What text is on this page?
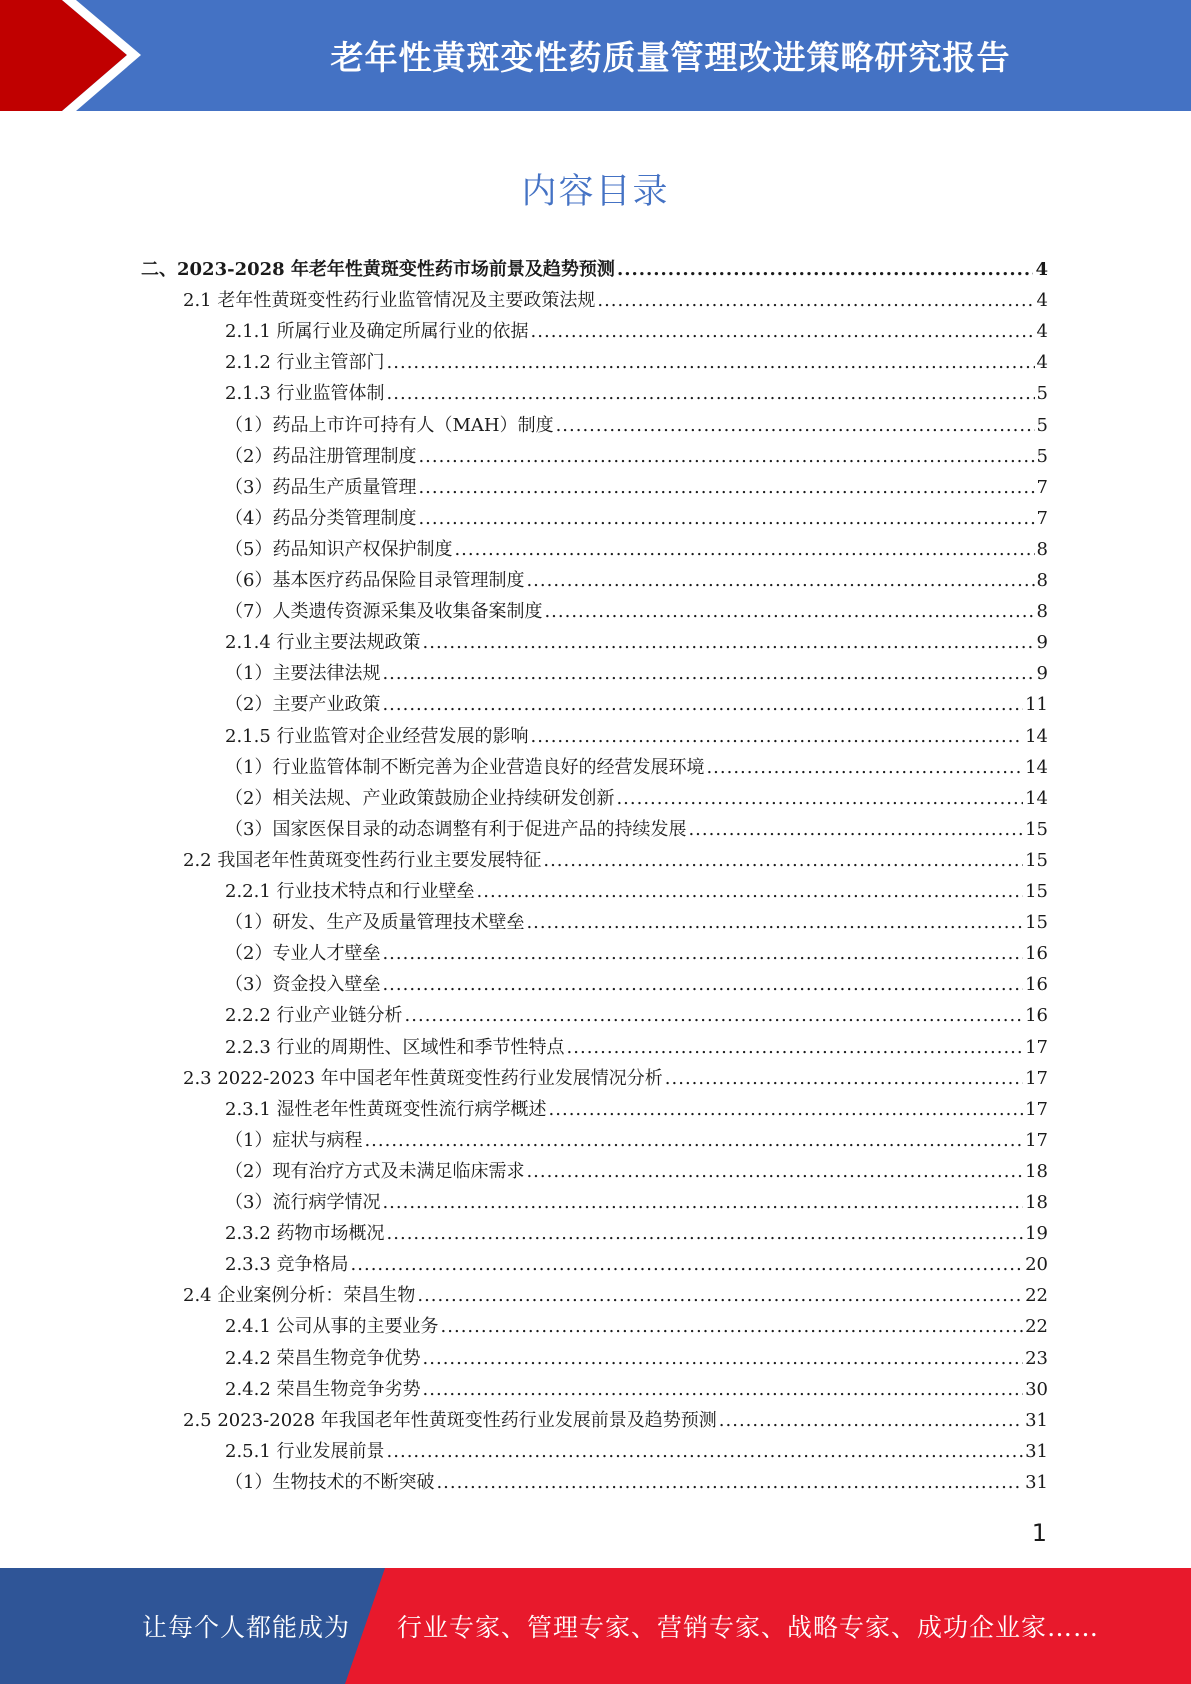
老年性黄斑变性药质量管理改进策略研究报告
内容目录
二、2023-2028 年老年性黄斑变性药市场前景及趋势预测 .....	4
2.1 老年性黄斑变性药行业监管情况及主要政策法规 .....	4
2.1.1 所属行业及确定所属行业的依据 .....	4
2.1.2 行业主管部门 .....	4
2.1.3 行业监管体制 .....	5
（1）药品上市许可持有人（MAH）制度 .....	5
（2）药品注册管理制度 .....	5
（3）药品生产质量管理 .....	7
（4）药品分类管理制度 .....	7
（5）药品知识产权保护制度 .....	8
（6）基本医疗药品保险目录管理制度 .....	8
（7）人类遗传资源采集及收集备案制度 .....	8
2.1.4 行业主要法规政策 .....	9
（1）主要法律法规 .....	9
（2）主要产业政策 .....	11
2.1.5 行业监管对企业经营发展的影响 .....	14
（1）行业监管体制不断完善为企业营造良好的经营发展环境 .....	14
（2）相关法规、产业政策鼓励企业持续研发创新 .....	14
（3）国家医保目录的动态调整有利于促进产品的持续发展 .....	15
2.2 我国老年性黄斑变性药行业主要发展特征 .....	15
2.2.1 行业技术特点和行业壁垒 .....	15
（1）研发、生产及质量管理技术壁垒 .....	15
（2）专业人才壁垒 .....	16
（3）资金投入壁垒 .....	16
2.2.2 行业产业链分析 .....	16
2.2.3 行业的周期性、区域性和季节性特点 .....	17
2.3 2022-2023 年中国老年性黄斑变性药行业发展情况分析 .....	17
2.3.1 湿性老年性黄斑变性流行病学概述 .....	17
（1）症状与病程 .....	17
（2）现有治疗方式及未满足临床需求 .....	18
（3）流行病学情况 .....	18
2.3.2 药物市场概况 .....	19
2.3.3 竞争格局 .....	20
2.4 企业案例分析：荣昌生物 .....	22
2.4.1 公司从事的主要业务 .....	22
2.4.2 荣昌生物竞争优势 .....	23
2.4.2 荣昌生物竞争劣势 .....	30
2.5 2023-2028 年我国老年性黄斑变性药行业发展前景及趋势预测 .....	31
2.5.1 行业发展前景 .....	31
（1）生物技术的不断突破 .....	31
1
让每个人都能成为 行业专家、管理专家、营销专家、战略专家、成功企业家……
